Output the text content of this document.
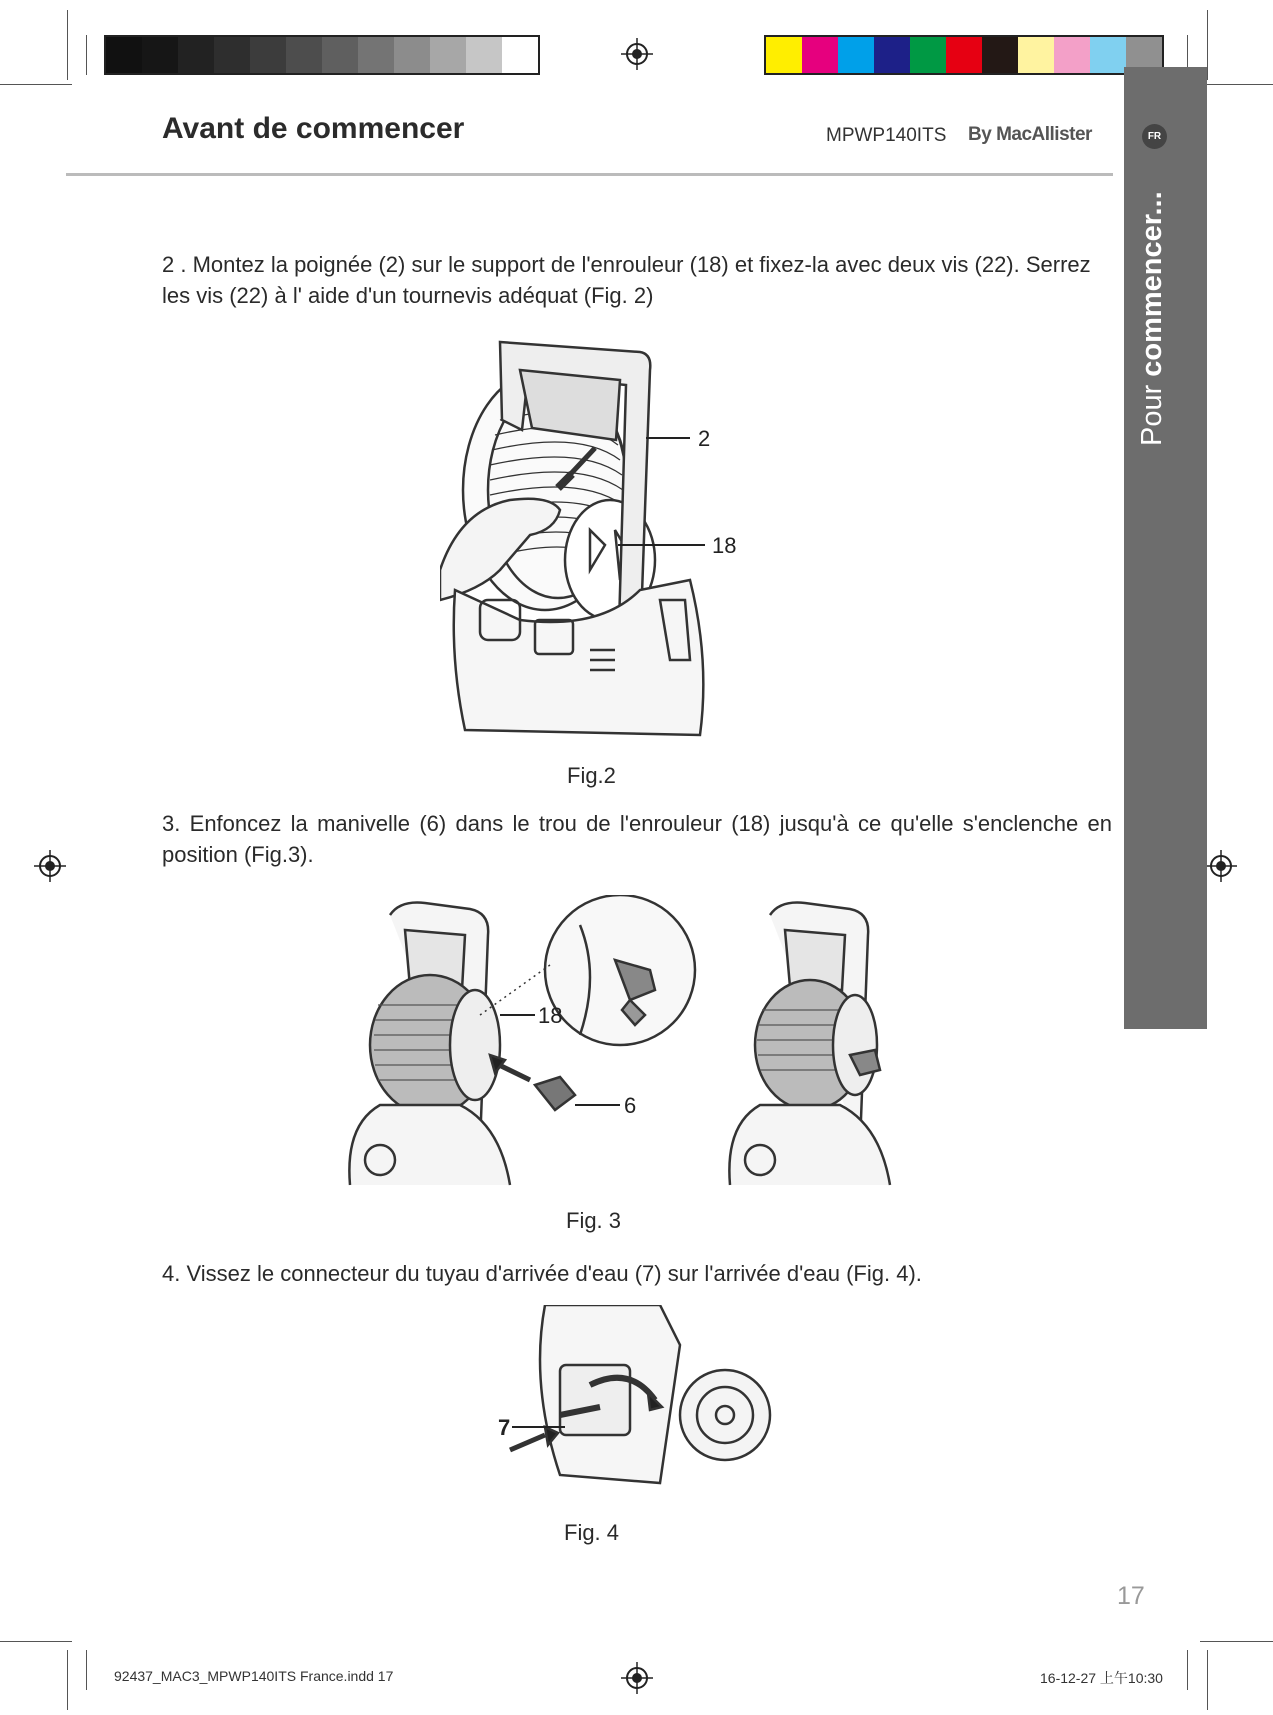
Avant de commencer	MPWP140ITS By MacAllister	FR
Pour
commencer...
2 . Montez la poignée (2) sur le support de l'enrouleur (18) et fixez-la avec deux vis (22). Serrez les vis (22) à l' aide d'un tournevis adéquat (Fig. 2)
2
18
Fig.2
3. Enfoncez la manivelle (6) dans le trou de l'enrouleur (18) jusqu'à ce qu'elle s'enclenche en position (Fig.3).
18
6
Fig. 3
4. Vissez le connecteur du tuyau d'arrivée d'eau (7) sur l'arrivée d'eau (Fig. 4).
7
Fig. 4
17
92437_MAC3_MPWP140ITS France.indd 17	16-12-27 上午10:30
